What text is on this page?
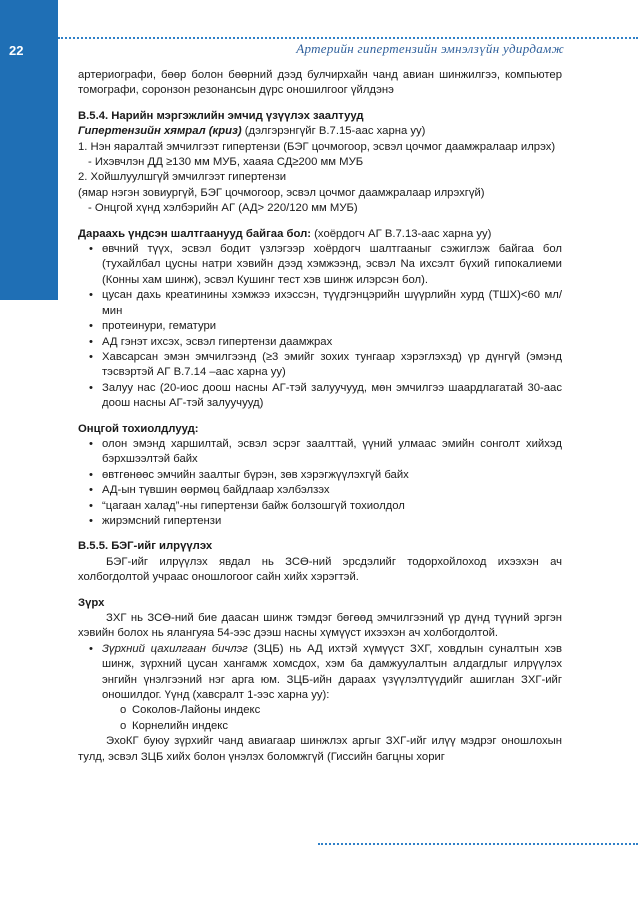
22	Артерийн гипертензийн эмнэлзүйн удирдамж

артериографи, бөөр болон бөөрний дээд булчирхайн чанд авиан шинжилгээ, компьютер томографи, соронзон резонансын дүрс оношилгоог үйлдэнэ

В.5.4. Нарийн мэргэжлийн эмчид үзүүлэх заалтууд

Гипертензийн хямрал (криз) (дэлгэрэнгүйг В.7.15-аас харна уу)

1. Нэн яаралтай эмчилгээт гипертензи (БЭГ цочмогоор, эсвэл цочмог даамжралаар илрэх)

- Ихэвчлэн ДД ≥130 мм МУБ, хааяа СД≥200 мм МУБ

2. Хойшлуулшгүй эмчилгээт гипертензи

(ямар нэгэн зовиургүй, БЭГ цочмогоор, эсвэл цочмог даамжралаар илрэхгүй)

- Онцгой хүнд хэлбэрийн АГ (АД> 220/120 мм МУБ)

Дараахь үндсэн шалтгаанууд байгаа бол: (хоёрдогч АГ В.7.13-аас харна уу)

• өвчний түүх, эсвэл бодит үзлэгээр хоёрдогч шалтгааныг сэжиглэж байгаа бол (тухайлбал цусны натри хэвийн дээд хэмжээнд, эсвэл Na ихсэлт бүхий гипокалиеми (Конны хам шинж), эсвэл Кушинг тест хэв шинж илэрсэн бол).

• цусан дахь креатинины хэмжээ ихэссэн, түүдгэнцэрийн шүүрлийн хурд (ТШХ)<60 мл/мин

• протеинури, гематури

• АД гэнэт ихсэх, эсвэл гипертензи даамжрах

• Хавсарсан эмэн эмчилгээнд (≥3 эмийг зохих тунгаар хэрэглэхэд) үр дүнгүй (эмэнд тэсвэртэй АГ В.7.14 –аас харна уу)

• Залуу нас (20-иос доош насны АГ-тэй залуучууд, мөн эмчилгээ шаардлагатай 30-аас доош насны АГ-тэй залуучууд)

Онцгой тохиолдлууд:

• олон эмэнд харшилтай, эсвэл эсрэг заалттай, үүний улмаас эмийн сонголт хийхэд бэрхшээлтэй байх

• өвтгөнөөс эмчийн заалтыг бүрэн, зөв хэрэгжүүлэхгүй байх

• АД-ын түвшин өөрмөц байдлаар хэлбэлзэх

• “цагаан халад”-ны гипертензи байж болзошгүй тохиолдол

• жирэмсний гипертензи

В.5.5. БЭГ-ийг илрүүлэх

БЭГ-ийг илрүүлэх явдал нь ЗСӨ-ний эрсдэлийг тодорхойлоход ихээхэн ач холбогдолтой учраас оношлогоог сайн хийх хэрэгтэй.

Зүрх

ЗХГ нь ЗСӨ-ний бие даасан шинж тэмдэг бөгөөд эмчилгээний үр дүнд түүний эргэн хэвийн болох нь ялангуяа 54-ээс дээш насны хүмүүст ихээхэн ач холбогдолтой.

• Зүрхний цахилгаан бичлэг (ЗЦБ) нь АД ихтэй хүмүүст ЗХГ, ховдлын суналтын хэв шинж, зүрхний цусан хангамж хомсдох, хэм ба дамжуулалтын алдагдлыг илрүүлэх энгийн үнэлгээний нэг арга юм. ЗЦБ-ийн дараах үзүүлэлтүүдийг ашиглан ЗХГ-ийг оношилдог. Үүнд (хавсралт 1-ээс харна уу):

o Соколов-Лайоны индекс

o Корнелийн индекс

ЭхоКГ буюу зүрхийг чанд авиагаар шинжлэх аргыг ЗХГ-ийг илүү мэдрэг оношлохын тулд, эсвэл ЗЦБ хийх болон үнэлэх боломжгүй (Гиссийн багцны хориг
